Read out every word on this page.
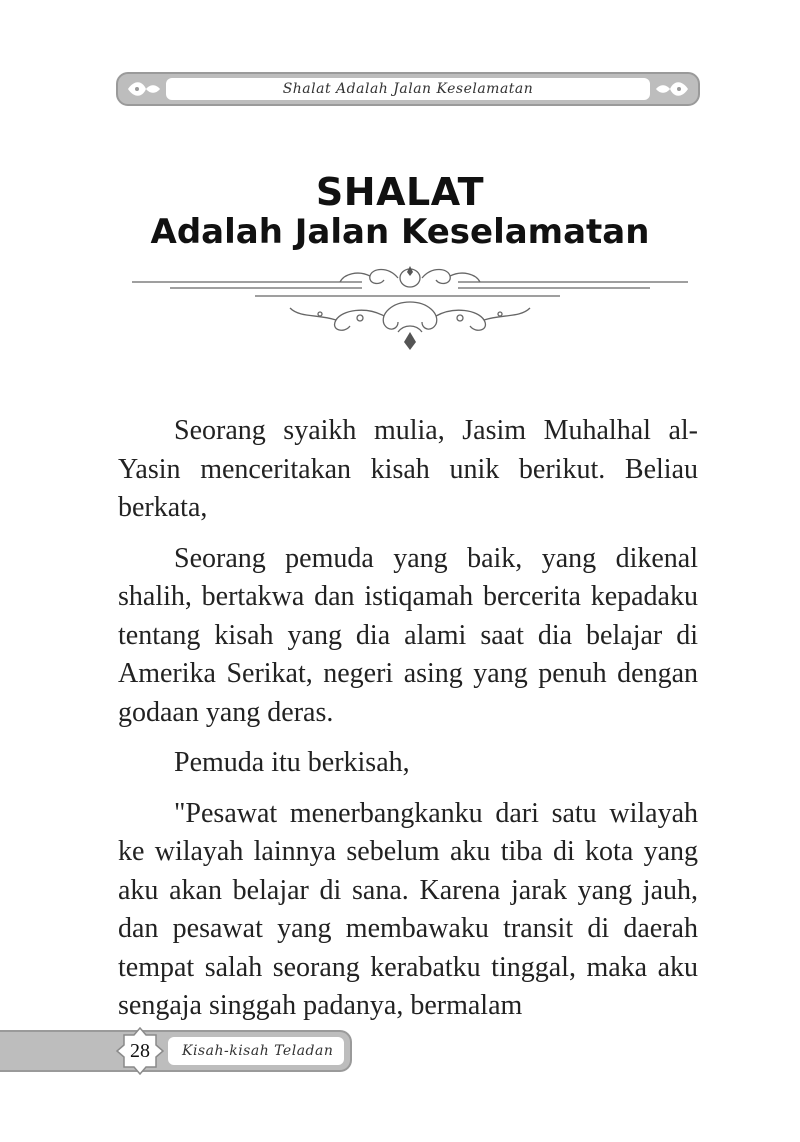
Shalat Adalah Jalan Keselamatan
SHALAT
Adalah Jalan Keselamatan

Seorang syaikh mulia, Jasim Muhalhal al-Yasin menceritakan kisah unik berikut. Beliau berkata,

Seorang pemuda yang baik, yang dikenal shalih, bertakwa dan istiqamah bercerita kepadaku tentang kisah yang dia alami saat dia belajar di Amerika Serikat, negeri asing yang penuh dengan godaan yang deras.

Pemuda itu berkisah,

"Pesawat menerbangkanku dari satu wilayah ke wilayah lainnya sebelum aku tiba di kota yang aku akan belajar di sana. Karena jarak yang jauh, dan pesawat yang membawaku transit di daerah tempat salah seorang kerabatku tinggal, maka aku sengaja singgah padanya, bermalam

Kisah-kisah Teladan
28
